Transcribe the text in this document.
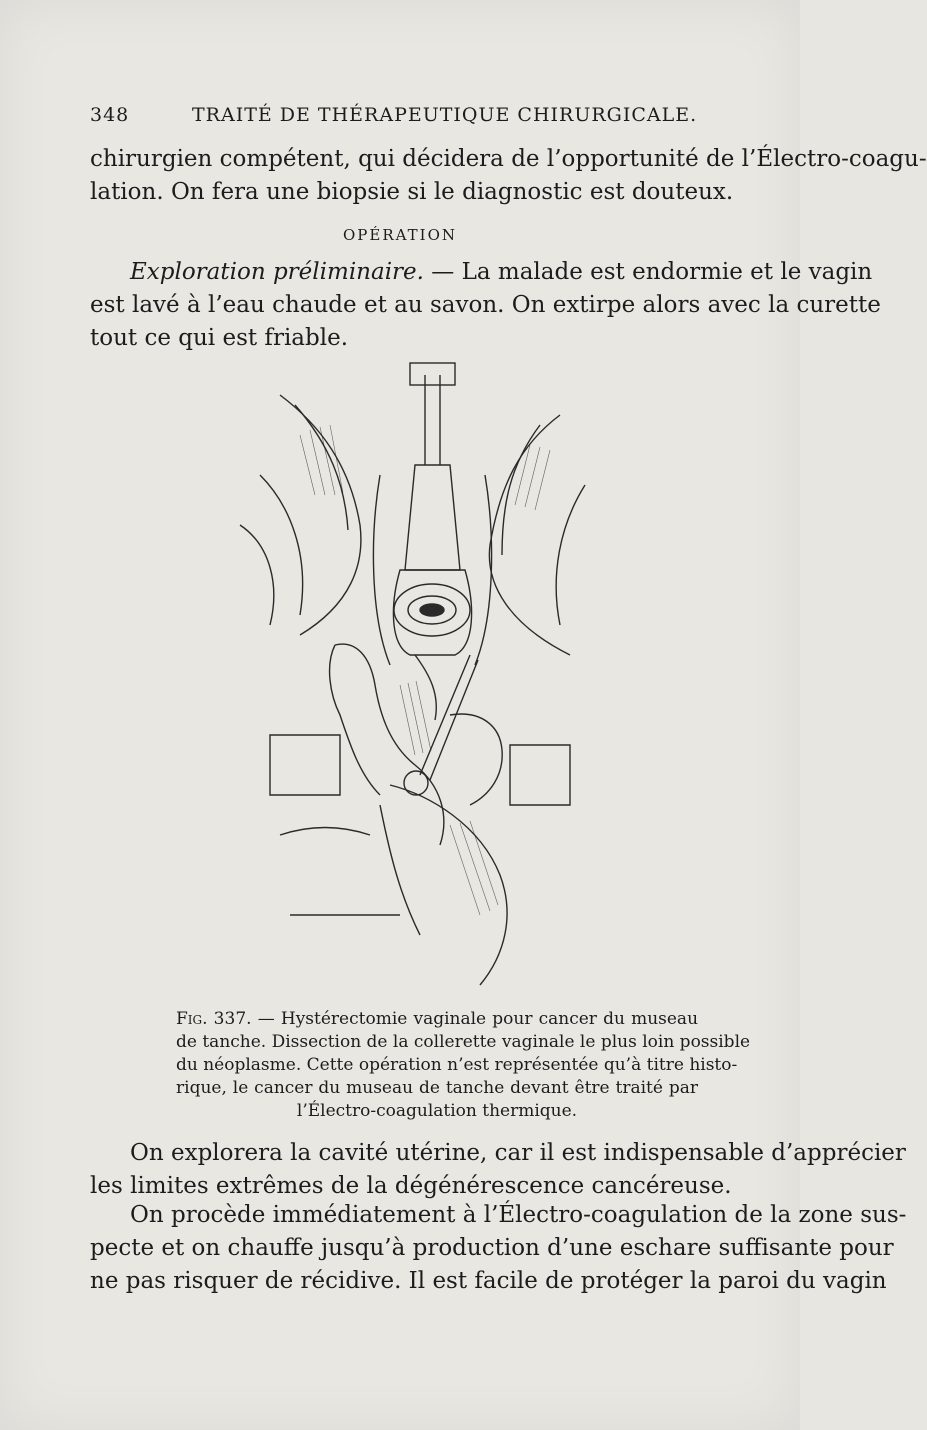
348	TRAITÉ DE THÉRAPEUTIQUE CHIRURGICALE.
chirurgien compétent, qui décidera de l’opportunité de l’Électro-coagu-
lation. On fera une biopsie si le diagnostic est douteux.
OPÉRATION
Exploration préliminaire. — La malade est endormie et le vagin
est lavé à l’eau chaude et au savon. On extirpe alors avec la curette
tout ce qui est friable.
Fig. 337. — Hystérectomie vaginale pour cancer du museau
de tanche. Dissection de la collerette vaginale le plus loin possible
du néoplasme. Cette opération n’est représentée qu’à titre histo-
rique, le cancer du museau de tanche devant être traité par
l’Électro-coagulation thermique.
On explorera la cavité utérine, car il est indispensable d’apprécier
les limites extrêmes de la dégénérescence cancéreuse.
On procède immédiatement à l’Électro-coagulation de la zone sus-
pecte et on chauffe jusqu’à production d’une eschare suffisante pour
ne pas risquer de récidive. Il est facile de protéger la paroi du vagin
